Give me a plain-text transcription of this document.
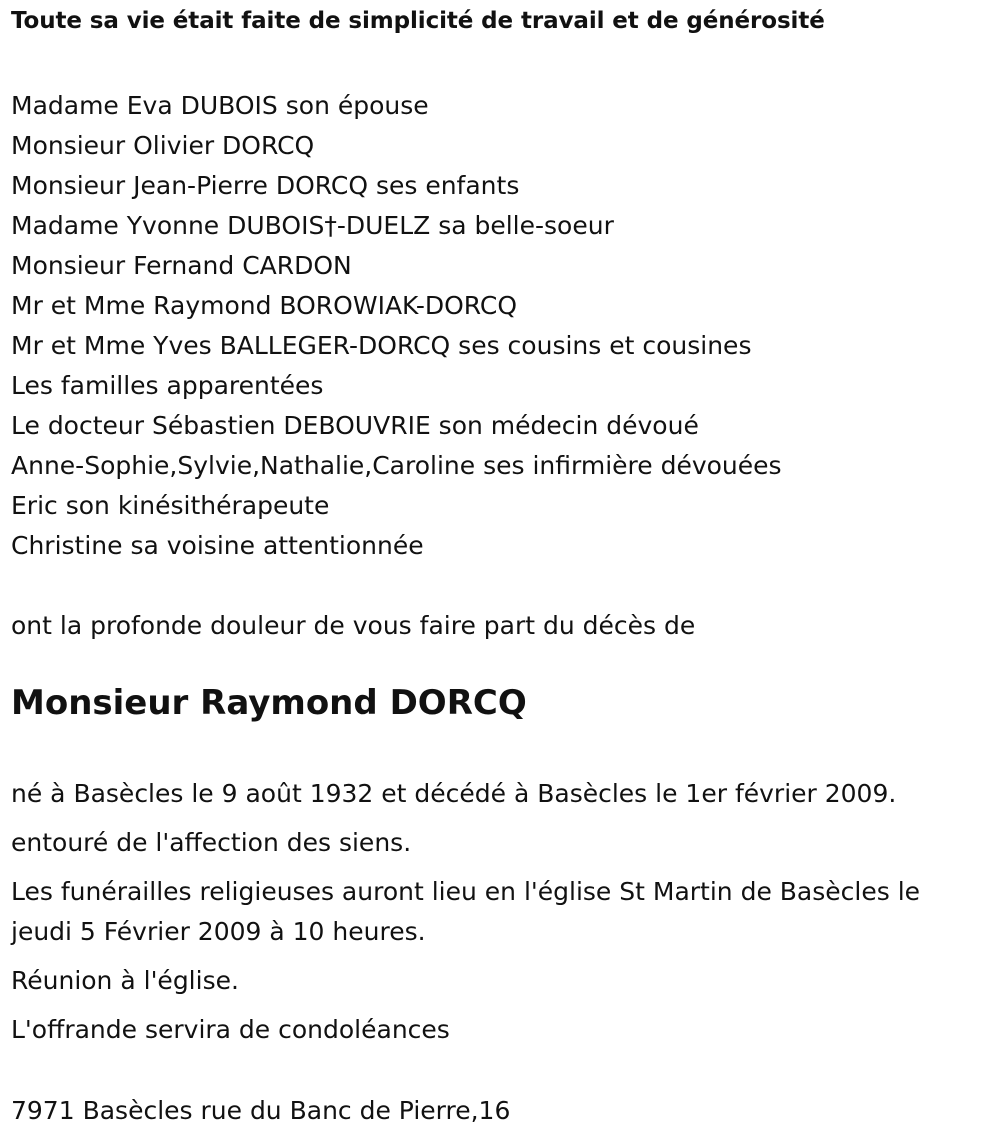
Toute sa vie était faite de simplicité de travail et de générosité
Madame Eva DUBOIS son épouse
Monsieur Olivier DORCQ
Monsieur Jean-Pierre DORCQ ses enfants
Madame Yvonne DUBOIS†-DUELZ sa belle-soeur
Monsieur Fernand CARDON
Mr et Mme Raymond BOROWIAK-DORCQ
Mr et Mme Yves BALLEGER-DORCQ ses cousins et cousines
Les familles apparentées
Le docteur Sébastien DEBOUVRIE son médecin dévoué
Anne-Sophie,Sylvie,Nathalie,Caroline ses infirmière dévouées
Eric son kinésithérapeute
Christine sa voisine attentionnée
ont la profonde douleur de vous faire part du décès de
Monsieur Raymond DORCQ

né à Basècles le 9 août 1932 et décédé à Basècles le 1er février 2009.

entouré de l'affection des siens.

Les funérailles religieuses auront lieu en l'église St Martin de Basècles le jeudi 5 Février 2009 à 10 heures.

Réunion à l'église.

L'offrande servira de condoléances

7971 Basècles rue du Banc de Pierre,16
